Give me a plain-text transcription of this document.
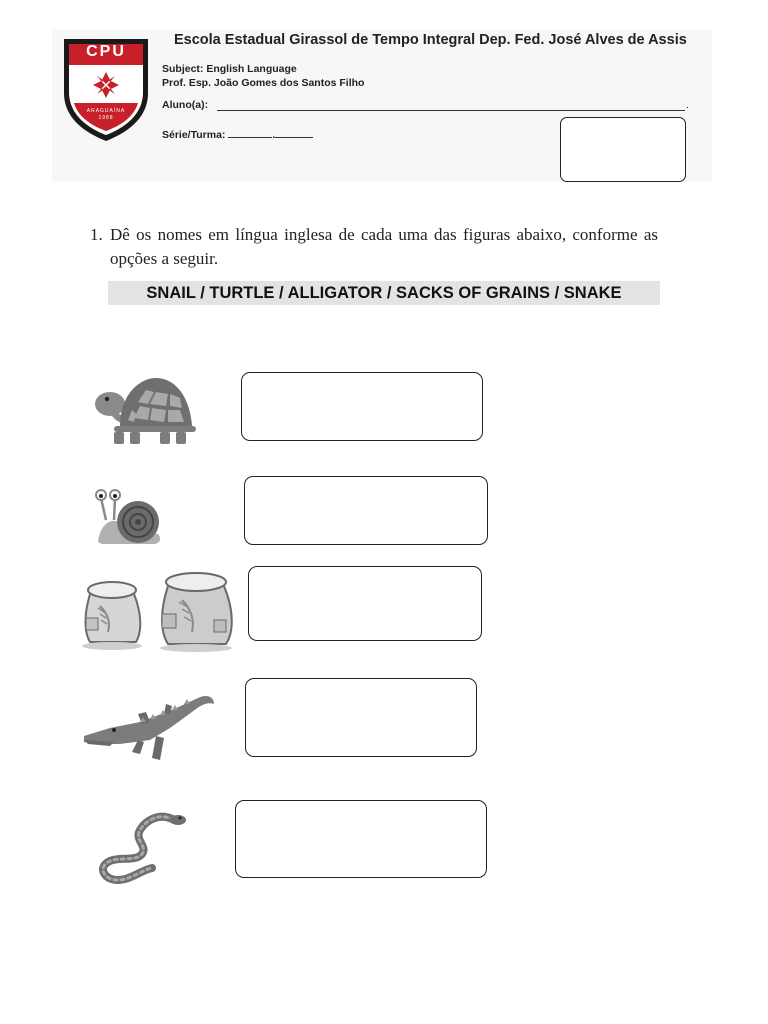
CPU
ARAGUAÍNA
1988
Escola Estadual Girassol de Tempo Integral Dep. Fed. José Alves de Assis
Subject: English Language
Prof. Esp. João Gomes dos Santos Filho
Aluno(a):	.
Série/Turma:	.
1. Dê os nomes em língua inglesa de cada uma das figuras abaixo, conforme as opções a seguir.
SNAIL / TURTLE / ALLIGATOR / SACKS OF GRAINS / SNAKE
